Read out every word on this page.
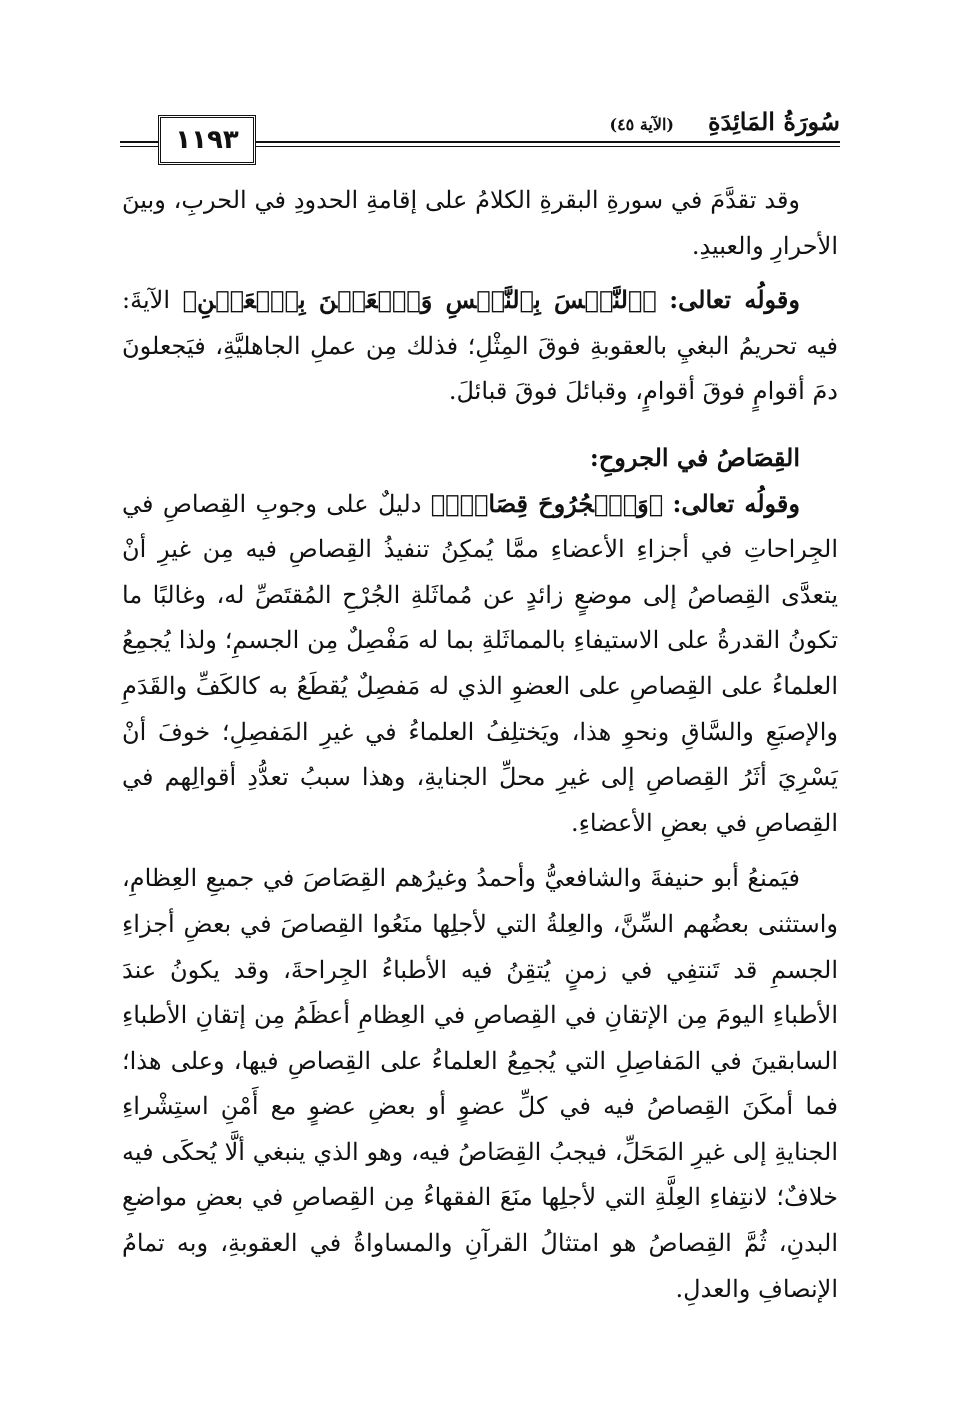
سُورَةُ المَائِدَةِ
(الآية ٤٥)
١١٩٣

وقد تقدَّمَ في سورةِ البقرةِ الكلامُ على إقامةِ الحدودِ في الحربِ، وبينَ الأحرارِ والعبيدِ.

وقولُه تعالى: ﴿ٱلنَّفۡسَ بِٱلنَّفۡسِ وَٱلۡعَيۡنَ بِٱلۡعَيۡنِ﴾ الآيةَ: فيه تحريمُ البغيِ بالعقوبةِ فوقَ المِثْلِ؛ فذلك مِن عملِ الجاهليَّةِ، فيَجعلونَ دمَ أقوامٍ فوقَ أقوامٍ، وقبائلَ فوقَ قبائلَ.

القِصَاصُ في الجروحِ:

وقولُه تعالى: ﴿وَٱلۡجُرُوحَ قِصَاصٞۚ﴾ دليلٌ على وجوبِ القِصاصِ في الجِراحاتِ في أجزاءِ الأعضاءِ ممَّا يُمكِنُ تنفيذُ القِصاصِ فيه مِن غيرِ أنْ يتعدَّى القِصاصُ إلى موضعٍ زائدٍ عن مُماثَلةِ الجُرْحِ المُقتَصِّ له، وغالبًا ما تكونُ القدرةُ على الاستيفاءِ بالمماثَلةِ بما له مَفْصِلٌ مِن الجسمِ؛ ولذا يُجمِعُ العلماءُ على القِصاصِ على العضوِ الذي له مَفصِلٌ يُقطَعُ به كالكَفِّ والقَدَمِ والإصبَعِ والسَّاقِ ونحوِ هذا، ويَختلِفُ العلماءُ في غيرِ المَفصِلِ؛ خوفَ أنْ يَسْرِيَ أثَرُ القِصاصِ إلى غيرِ محلِّ الجنايةِ، وهذا سببُ تعدُّدِ أقوالِهم في القِصاصِ في بعضِ الأعضاءِ.

فيَمنعُ أبو حنيفةَ والشافعيُّ وأحمدُ وغيرُهم القِصَاصَ في جميعِ العِظامِ، واستثنى بعضُهم السِّنَّ، والعِلةُ التي لأجلِها منَعُوا القِصاصَ في بعضِ أجزاءِ الجسمِ قد تَنتفِي في زمنٍ يُتقِنُ فيه الأطباءُ الجِراحةَ، وقد يكونُ عندَ الأطباءِ اليومَ مِن الإتقانِ في القِصاصِ في العِظامِ أعظَمُ مِن إتقانِ الأطباءِ السابقينَ في المَفاصِلِ التي يُجمِعُ العلماءُ على القِصاصِ فيها، وعلى هذا؛ فما أمكَنَ القِصاصُ فيه في كلِّ عضوٍ أو بعضِ عضوٍ مع أَمْنِ استِشْراءِ الجنايةِ إلى غيرِ المَحَلِّ، فيجبُ القِصَاصُ فيه، وهو الذي ينبغي ألَّا يُحكَى فيه خلافٌ؛ لانتِفاءِ العِلَّةِ التي لأجلِها منَعَ الفقهاءُ مِن القِصاصِ في بعضِ مواضعِ البدنِ، ثُمَّ القِصاصُ هو امتثالُ القرآنِ والمساواةُ في العقوبةِ، وبه تمامُ الإنصافِ والعدلِ.
